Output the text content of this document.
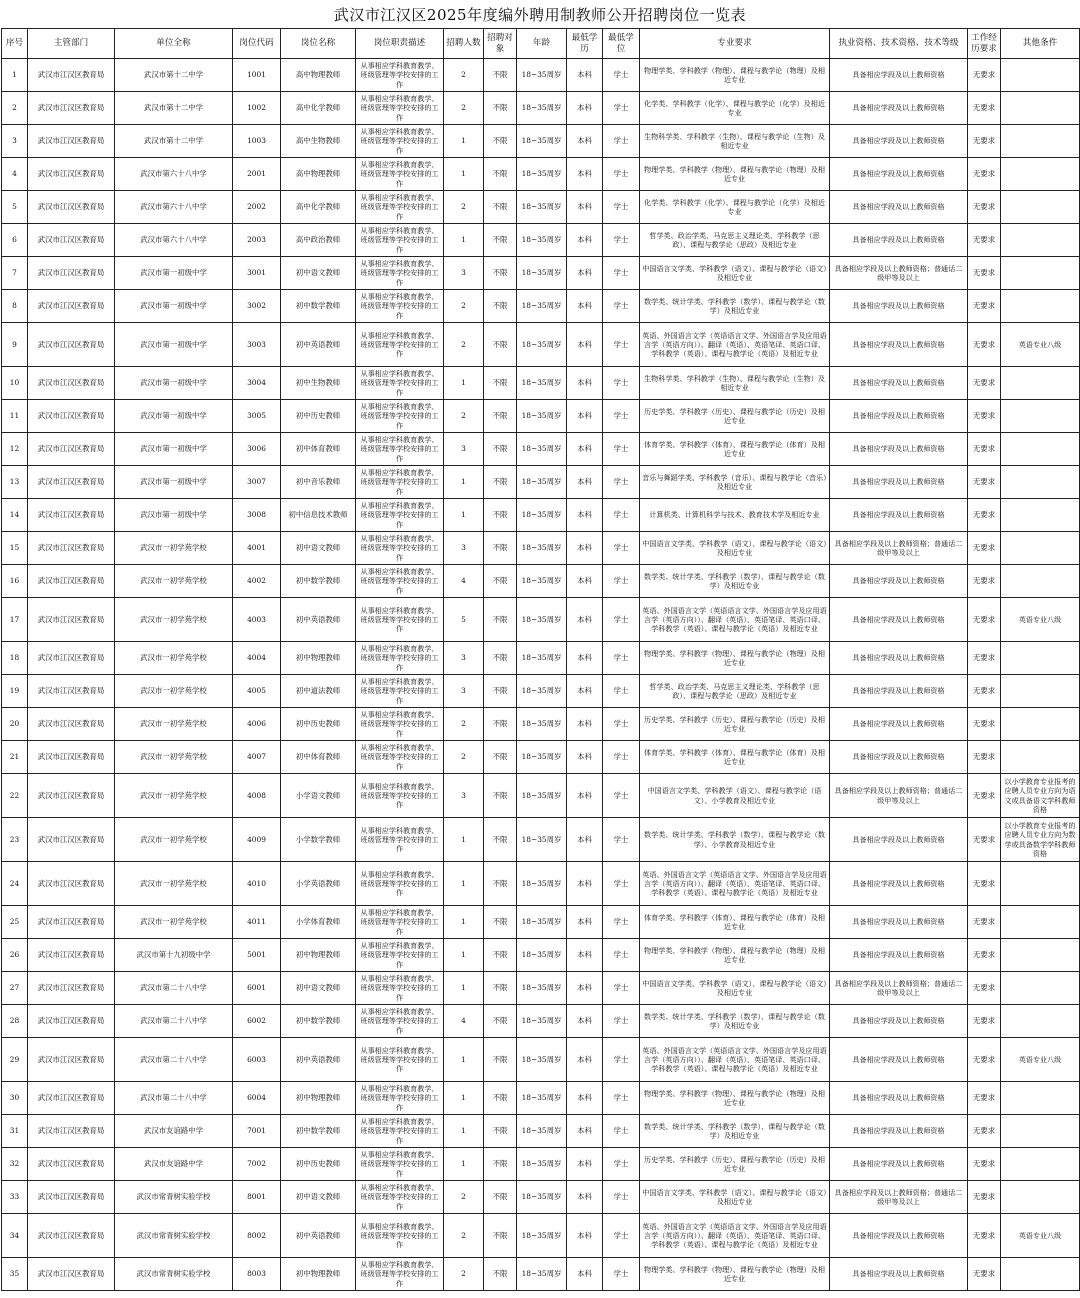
武汉市江汉区2025年度编外聘用制教师公开招聘岗位一览表
序号	主管部门	单位全称	岗位代码	岗位名称	岗位职责描述	招聘人数	招聘对象	年龄	最低学历	最低学位	专业要求	执业资格、技术资格、技术等级	工作经历要求	其他条件
1	武汉市江汉区教育局	武汉市第十二中学	1001	高中物理教师	从事相应学科教育教学、班级管理等学校安排的工作	2	不限	18~35周岁	本科	学士	物理学类、学科教学（物理）、课程与教学论（物理）及相近专业	具备相应学段及以上教师资格	无要求	
2	武汉市江汉区教育局	武汉市第十二中学	1002	高中化学教师	从事相应学科教育教学、班级管理等学校安排的工作	2	不限	18~35周岁	本科	学士	化学类、学科教学（化学）、课程与教学论（化学）及相近专业	具备相应学段及以上教师资格	无要求	
3	武汉市江汉区教育局	武汉市第十二中学	1003	高中生物教师	从事相应学科教育教学、班级管理等学校安排的工作	1	不限	18~35周岁	本科	学士	生物科学类、学科教学（生物）、课程与教学论（生物）及相近专业	具备相应学段及以上教师资格	无要求	
4	武汉市江汉区教育局	武汉市第六十八中学	2001	高中物理教师	从事相应学科教育教学、班级管理等学校安排的工作	1	不限	18~35周岁	本科	学士	物理学类、学科教学（物理）、课程与教学论（物理）及相近专业	具备相应学段及以上教师资格	无要求	
5	武汉市江汉区教育局	武汉市第六十八中学	2002	高中化学教师	从事相应学科教育教学、班级管理等学校安排的工作	2	不限	18~35周岁	本科	学士	化学类、学科教学（化学）、课程与教学论（化学）及相近专业	具备相应学段及以上教师资格	无要求	
6	武汉市江汉区教育局	武汉市第六十八中学	2003	高中政治教师	从事相应学科教育教学、班级管理等学校安排的工作	1	不限	18~35周岁	本科	学士	哲学类、政治学类、马克思主义理论类、学科教学（思政）、课程与教学论（思政）及相近专业	具备相应学段及以上教师资格	无要求	
7	武汉市江汉区教育局	武汉市第一初级中学	3001	初中语文教师	从事相应学科教育教学、班级管理等学校安排的工作	3	不限	18~35周岁	本科	学士	中国语言文学类、学科教学（语文）、课程与教学论（语文）及相近专业	具备相应学段及以上教师资格；普通话二级甲等及以上	无要求	
8	武汉市江汉区教育局	武汉市第一初级中学	3002	初中数学教师	从事相应学科教育教学、班级管理等学校安排的工作	2	不限	18~35周岁	本科	学士	数学类、统计学类、学科教学（数学）、课程与教学论（数学）及相近专业	具备相应学段及以上教师资格	无要求	
9	武汉市江汉区教育局	武汉市第一初级中学	3003	初中英语教师	从事相应学科教育教学、班级管理等学校安排的工作	2	不限	18~35周岁	本科	学士	英语、外国语言文学（英语语言文学、外国语言学及应用语言学（英语方向））、翻译（英语）、英语笔译、英语口译、学科教学（英语）、课程与教学论（英语）及相近专业	具备相应学段及以上教师资格	无要求	英语专业八级
10	武汉市江汉区教育局	武汉市第一初级中学	3004	初中生物教师	从事相应学科教育教学、班级管理等学校安排的工作	1	不限	18~35周岁	本科	学士	生物科学类、学科教学（生物）、课程与教学论（生物）及相近专业	具备相应学段及以上教师资格	无要求	
11	武汉市江汉区教育局	武汉市第一初级中学	3005	初中历史教师	从事相应学科教育教学、班级管理等学校安排的工作	2	不限	18~35周岁	本科	学士	历史学类、学科教学（历史）、课程与教学论（历史）及相近专业	具备相应学段及以上教师资格	无要求	
12	武汉市江汉区教育局	武汉市第一初级中学	3006	初中体育教师	从事相应学科教育教学、班级管理等学校安排的工作	3	不限	18~35周岁	本科	学士	体育学类、学科教学（体育）、课程与教学论（体育）及相近专业	具备相应学段及以上教师资格	无要求	
13	武汉市江汉区教育局	武汉市第一初级中学	3007	初中音乐教师	从事相应学科教育教学、班级管理等学校安排的工作	1	不限	18~35周岁	本科	学士	音乐与舞蹈学类、学科教学（音乐）、课程与教学论（音乐）及相近专业	具备相应学段及以上教师资格	无要求	
14	武汉市江汉区教育局	武汉市第一初级中学	3008	初中信息技术教师	从事相应学科教育教学、班级管理等学校安排的工作	1	不限	18~35周岁	本科	学士	计算机类、计算机科学与技术、教育技术学及相近专业	具备相应学段及以上教师资格	无要求	
15	武汉市江汉区教育局	武汉市一初学苑学校	4001	初中语文教师	从事相应学科教育教学、班级管理等学校安排的工作	3	不限	18~35周岁	本科	学士	中国语言文学类、学科教学（语文）、课程与教学论（语文）及相近专业	具备相应学段及以上教师资格；普通话二级甲等及以上	无要求	
16	武汉市江汉区教育局	武汉市一初学苑学校	4002	初中数学教师	从事相应学科教育教学、班级管理等学校安排的工作	4	不限	18~35周岁	本科	学士	数学类、统计学类、学科教学（数学）、课程与教学论（数学）及相近专业	具备相应学段及以上教师资格	无要求	
17	武汉市江汉区教育局	武汉市一初学苑学校	4003	初中英语教师	从事相应学科教育教学、班级管理等学校安排的工作	5	不限	18~35周岁	本科	学士	英语、外国语言文学（英语语言文学、外国语言学及应用语言学（英语方向））、翻译（英语）、英语笔译、英语口译、学科教学（英语）、课程与教学论（英语）及相近专业	具备相应学段及以上教师资格	无要求	英语专业八级
18	武汉市江汉区教育局	武汉市一初学苑学校	4004	初中物理教师	从事相应学科教育教学、班级管理等学校安排的工作	3	不限	18~35周岁	本科	学士	物理学类、学科教学（物理）、课程与教学论（物理）及相近专业	具备相应学段及以上教师资格	无要求	
19	武汉市江汉区教育局	武汉市一初学苑学校	4005	初中道法教师	从事相应学科教育教学、班级管理等学校安排的工作	3	不限	18~35周岁	本科	学士	哲学类、政治学类、马克思主义理论类、学科教学（思政）、课程与教学论（思政）及相近专业	具备相应学段及以上教师资格	无要求	
20	武汉市江汉区教育局	武汉市一初学苑学校	4006	初中历史教师	从事相应学科教育教学、班级管理等学校安排的工作	2	不限	18~35周岁	本科	学士	历史学类、学科教学（历史）、课程与教学论（历史）及相近专业	具备相应学段及以上教师资格	无要求	
21	武汉市江汉区教育局	武汉市一初学苑学校	4007	初中体育教师	从事相应学科教育教学、班级管理等学校安排的工作	2	不限	18~35周岁	本科	学士	体育学类、学科教学（体育）、课程与教学论（体育）及相近专业	具备相应学段及以上教师资格	无要求	
22	武汉市江汉区教育局	武汉市一初学苑学校	4008	小学语文教师	从事相应学科教育教学、班级管理等学校安排的工作	3	不限	18~35周岁	本科	学士	中国语言文学类、学科教学（语文）、课程与教学论（语文）、小学教育及相近专业	具备相应学段及以上教师资格；普通话二级甲等及以上	无要求	以小学教育专业报考的应聘人员专业方向为语文或具备语文学科教师资格
23	武汉市江汉区教育局	武汉市一初学苑学校	4009	小学数学教师	从事相应学科教育教学、班级管理等学校安排的工作	1	不限	18~35周岁	本科	学士	数学类、统计学类、学科教学（数学）、课程与教学论（数学）、小学教育及相近专业	具备相应学段及以上教师资格	无要求	以小学教育专业报考的应聘人员专业方向为数学或具备数学学科教师资格
24	武汉市江汉区教育局	武汉市一初学苑学校	4010	小学英语教师	从事相应学科教育教学、班级管理等学校安排的工作	1	不限	18~35周岁	本科	学士	英语、外国语言文学（英语语言文学、外国语言学及应用语言学（英语方向））、翻译（英语）、英语笔译、英语口译、学科教学（英语）、课程与教学论（英语）及相近专业	具备相应学段及以上教师资格	无要求	
25	武汉市江汉区教育局	武汉市一初学苑学校	4011	小学体育教师	从事相应学科教育教学、班级管理等学校安排的工作	1	不限	18~35周岁	本科	学士	体育学类、学科教学（体育）、课程与教学论（体育）及相近专业	具备相应学段及以上教师资格	无要求	
26	武汉市江汉区教育局	武汉市第十九初级中学	5001	初中物理教师	从事相应学科教育教学、班级管理等学校安排的工作	1	不限	18~35周岁	本科	学士	物理学类、学科教学（物理）、课程与教学论（物理）及相近专业	具备相应学段及以上教师资格	无要求	
27	武汉市江汉区教育局	武汉市第二十八中学	6001	初中语文教师	从事相应学科教育教学、班级管理等学校安排的工作	1	不限	18~35周岁	本科	学士	中国语言文学类、学科教学（语文）、课程与教学论（语文）及相近专业	具备相应学段及以上教师资格；普通话二级甲等及以上	无要求	
28	武汉市江汉区教育局	武汉市第二十八中学	6002	初中数学教师	从事相应学科教育教学、班级管理等学校安排的工作	4	不限	18~35周岁	本科	学士	数学类、统计学类、学科教学（数学）、课程与教学论（数学）及相近专业	具备相应学段及以上教师资格	无要求	
29	武汉市江汉区教育局	武汉市第二十八中学	6003	初中英语教师	从事相应学科教育教学、班级管理等学校安排的工作	1	不限	18~35周岁	本科	学士	英语、外国语言文学（英语语言文学、外国语言学及应用语言学（英语方向））、翻译（英语）、英语笔译、英语口译、学科教学（英语）、课程与教学论（英语）及相近专业	具备相应学段及以上教师资格	无要求	英语专业八级
30	武汉市江汉区教育局	武汉市第二十八中学	6004	初中物理教师	从事相应学科教育教学、班级管理等学校安排的工作	1	不限	18~35周岁	本科	学士	物理学类、学科教学（物理）、课程与教学论（物理）及相近专业	具备相应学段及以上教师资格	无要求	
31	武汉市江汉区教育局	武汉市友谊路中学	7001	初中数学教师	从事相应学科教育教学、班级管理等学校安排的工作	1	不限	18~35周岁	本科	学士	数学类、统计学类、学科教学（数学）、课程与教学论（数学）及相近专业	具备相应学段及以上教师资格	无要求	
32	武汉市江汉区教育局	武汉市友谊路中学	7002	初中历史教师	从事相应学科教育教学、班级管理等学校安排的工作	1	不限	18~35周岁	本科	学士	历史学类、学科教学（历史）、课程与教学论（历史）及相近专业	具备相应学段及以上教师资格	无要求	
33	武汉市江汉区教育局	武汉市常青树实验学校	8001	初中语文教师	从事相应学科教育教学、班级管理等学校安排的工作	2	不限	18~35周岁	本科	学士	中国语言文学类、学科教学（语文）、课程与教学论（语文）及相近专业	具备相应学段及以上教师资格；普通话二级甲等及以上	无要求	
34	武汉市江汉区教育局	武汉市常青树实验学校	8002	初中英语教师	从事相应学科教育教学、班级管理等学校安排的工作	2	不限	18~35周岁	本科	学士	英语、外国语言文学（英语语言文学、外国语言学及应用语言学（英语方向））、翻译（英语）、英语笔译、英语口译、学科教学（英语）、课程与教学论（英语）及相近专业	具备相应学段及以上教师资格	无要求	英语专业八级
35	武汉市江汉区教育局	武汉市常青树实验学校	8003	初中物理教师	从事相应学科教育教学、班级管理等学校安排的工作	2	不限	18~35周岁	本科	学士	物理学类、学科教学（物理）、课程与教学论（物理）及相近专业	具备相应学段及以上教师资格	无要求	
